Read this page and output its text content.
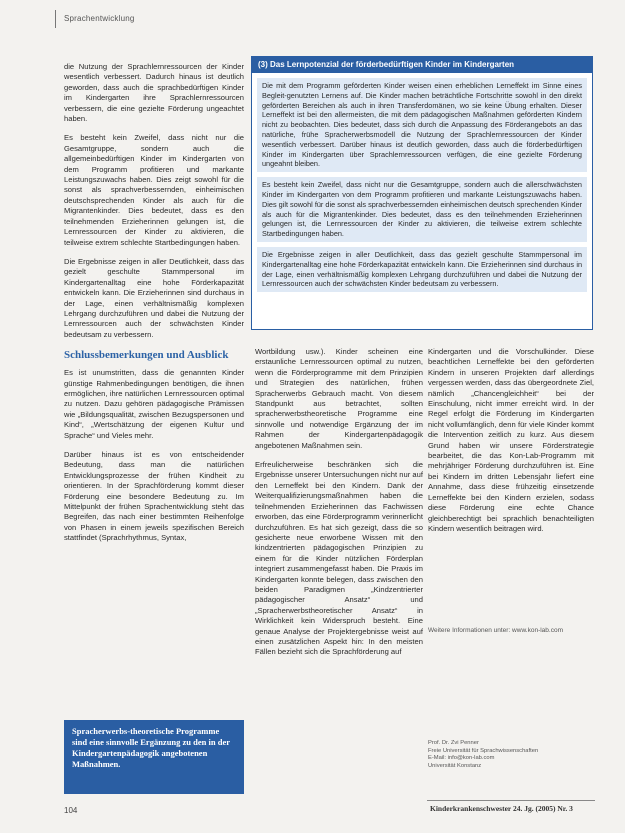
Sprachentwicklung

die Nutzung der Sprachlernressourcen der Kinder wesentlich verbessert. Dadurch hinaus ist deutlich geworden, dass auch die sprachbedürftigen Kinder im Kindergarten ihre Sprachlernressourcen verbessern, die eine gezielte Förderung ungeachtet haben.

Es besteht kein Zweifel, dass nicht nur die Gesamtgruppe, sondern auch die allgemeinbedürftigen Kinder im Kindergarten von dem Programm profitieren und markante Leistungszuwachs haben. Dies zeigt sowohl für die sonst als sprachverbessernden, einheimischen deutschsprechenden Kinder als auch für die Migrantenkinder. Dies bedeutet, dass es den teilnehmenden Erzieherinnen gelungen ist, die Lernressourcen der Kinder zu aktivieren, die teilweise extrem schlechte Startbedingungen haben.

Die Ergebnisse zeigen in aller Deutlichkeit, dass das gezielt geschulte Stammpersonal im Kindergartenalltag eine hohe Förderkapazität entwickeln kann. Die Erzieherinnen sind durchaus in der Lage, einen verhältnismäßig komplexen Lehrgang durchzuführen und dabei die Nutzung der Lernressourcen auch der schwächsten Kinder bedeutsam zu verbessern.

Schlussbemerkungen und Ausblick

Es ist unumstritten, dass die genannten Kinder günstige Rahmenbedingungen benötigen, die ihnen ermöglichen, ihre natürlichen Lernressourcen optimal zu nutzen. Dazu gehören pädagogische Prämissen wie „Bildungsqualität, zwischen Bezugspersonen und Kind“, „Wertschätzung der eigenen Kultur und Sprache“ und Vieles mehr.

Darüber hinaus ist es von entscheidender Bedeutung, dass man die natürlichen Entwicklungsprozesse der frühen Kindheit zu orientieren. In der Sprachförderung kommt dieser Förderung eine besondere Bedeutung zu. Im Mittelpunkt der frühen Sprachentwicklung steht das Begreifen, das nach einer bestimmten Reihenfolge von Phasen in einem jeweils spezifischen Bereich stattfindet (Sprachrhythmus, Syntax,

(3) Das Lernpotenzial der förderbedürftigen Kinder im Kindergarten
Die mit dem Programm geförderten Kinder weisen einen erheblichen Lerneffekt im Sinne eines Begleit-genutzten Lernens auf. Die Kinder machen beträchtliche Fortschritte sowohl in den direkt geförderten Bereichen als auch in ihren Transferdomänen, wo sie keine Übung erhalten. Dieser Lerneffekt ist bei den allermeisten, die mit dem pädagogischen Maßnahmen geförderten Kindern nicht zu beobachten. Dies bedeutet, dass sich durch die Anpassung des Förderangebots an das natürliche, frühe Spracherwerbsmodell die Nutzung der Sprachlernressourcen der Kinder wesentlich verbessert. Darüber hinaus ist deutlich geworden, dass auch die förderbedürftigen Kinder im Kindergarten über Sprachlernressourcen verfügen, die eine gezielte Förderung ungeahnt bleiben.
Es besteht kein Zweifel, dass nicht nur die Gesamtgruppe, sondern auch die allerschwächsten Kinder im Kindergarten von dem Programm profitieren und markante Leistungszuwachs haben. Dies gilt sowohl für die sonst als sprachverbessernden einheimischen deutsch sprechenden Kinder als auch für die Migrantenkinder. Dies bedeutet, dass es den teilnehmenden Erzieherinnen gelungen ist, die Lernressourcen der Kinder zu aktivieren, die teilweise extrem schlechte Startbedingungen haben.
Die Ergebnisse zeigen in aller Deutlichkeit, dass das gezielt geschulte Stammpersonal im Kindergartenalltag eine hohe Förderkapazität entwickeln kann. Die Erzieherinnen sind durchaus in der Lage, einen verhältnismäßig komplexen Lehrgang durchzuführen und dabei die Nutzung der Lernressourcen auch der schwächsten Kinder bedeutsam zu verbessern.

Wortbildung usw.). Kinder scheinen eine erstaunliche Lernressourcen optimal zu nutzen, wenn die Förderprogramme mit dem Prinzipien und Strategien des natürlichen, frühen Spracherwerbs Gebrauch macht. Von diesem Standpunkt aus betrachtet, sollten spracherwerbstheoretische Programme eine sinnvolle und notwendige Ergänzung der im Rahmen der Kindergartenpädagogik angebotenen Maßnahmen sein.

Erfreulicherweise beschränken sich die Ergebnisse unserer Untersuchungen nicht nur auf den Lerneffekt bei den Kindern. Dank der Weiterqualifizierungsmaßnahmen haben die teilnehmenden Erzieherinnen das Fachwissen erworben, das eine Förderprogramm verinnerlicht durchzuführen. Es hat sich gezeigt, dass die so gesicherte neue erworbene Wissen mit den kindzentrierten pädagogischen Prinzipien zu einem für die Kinder nützlichen Förderplan integriert zusammengefasst haben. Die Praxis im Kindergarten konnte belegen, dass zwischen den beiden Paradigmen „Kindzentrierter pädagogischer Ansatz“ und „Spracherwerbstheoretischer Ansatz“ in Wirklichkeit kein Widerspruch besteht. Eine genaue Analyse der Projektergebnisse weist auf einen zusätzlichen Aspekt hin: In den meisten Fällen bezieht sich die Sprachförderung auf

Kindergarten und die Vorschulkinder. Diese beachtlichen Lerneffekte bei den geförderten Kindern in unseren Projekten darf allerdings vergessen werden, dass das übergeordnete Ziel, nämlich „Chancengleichheit“ bei der Einschulung, nicht immer erreicht wird. In der Regel erfolgt die Förderung im Kindergarten nicht vollumfänglich, denn für viele Kinder kommt die Intervention zeitlich zu kurz. Aus diesem Grund haben wir unsere Förderstrategie bearbeitet, die das Kon-Lab-Programm mit mehrjähriger Förderung durchzuführen ist. Eine bei Kindern im dritten Lebensjahr liefert eine Annahme, dass diese frühzeitig einsetzende Lerneffekte bei den Kindern erzielen, sodass diese Förderung eine echte Chance gleichberechtigt bei sprachlich benachteiligten Kindern wesentlich beitragen wird.

Weitere Informationen unter: www.kon-lab.com
Spracherwerbs-theoretische Programme sind eine sinnvolle Ergänzung zu den in der Kindergartenpädagogik angebotenen Maßnahmen.
Prof. Dr. Zvi Penner
Freie Universität für Sprachwissenschaften
E-Mail: info@kon-lab.com
Universität Konstanz
104	Kinderkrankenschwester 24. Jg. (2005) Nr. 3
